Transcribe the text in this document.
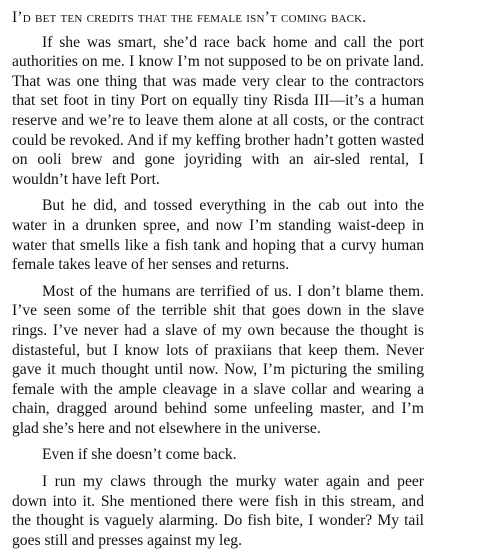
I’d bet ten credits that the female isn’t coming back.

If she was smart, she’d race back home and call the port authorities on me. I know I’m not supposed to be on private land. That was one thing that was made very clear to the contractors that set foot in tiny Port on equally tiny Risda III—it’s a human reserve and we’re to leave them alone at all costs, or the contract could be revoked. And if my keffing brother hadn’t gotten wasted on ooli brew and gone joyriding with an air-sled rental, I wouldn’t have left Port.

But he did, and tossed everything in the cab out into the water in a drunken spree, and now I’m standing waist-deep in water that smells like a fish tank and hoping that a curvy human female takes leave of her senses and returns.

Most of the humans are terrified of us. I don’t blame them. I’ve seen some of the terrible shit that goes down in the slave rings. I’ve never had a slave of my own because the thought is distasteful, but I know lots of praxiians that keep them. Never gave it much thought until now. Now, I’m picturing the smiling female with the ample cleavage in a slave collar and wearing a chain, dragged around behind some unfeeling master, and I’m glad she’s here and not elsewhere in the universe.

Even if she doesn’t come back.

I run my claws through the murky water again and peer down into it. She mentioned there were fish in this stream, and the thought is vaguely alarming. Do fish bite, I wonder? My tail goes still and presses against my leg.
